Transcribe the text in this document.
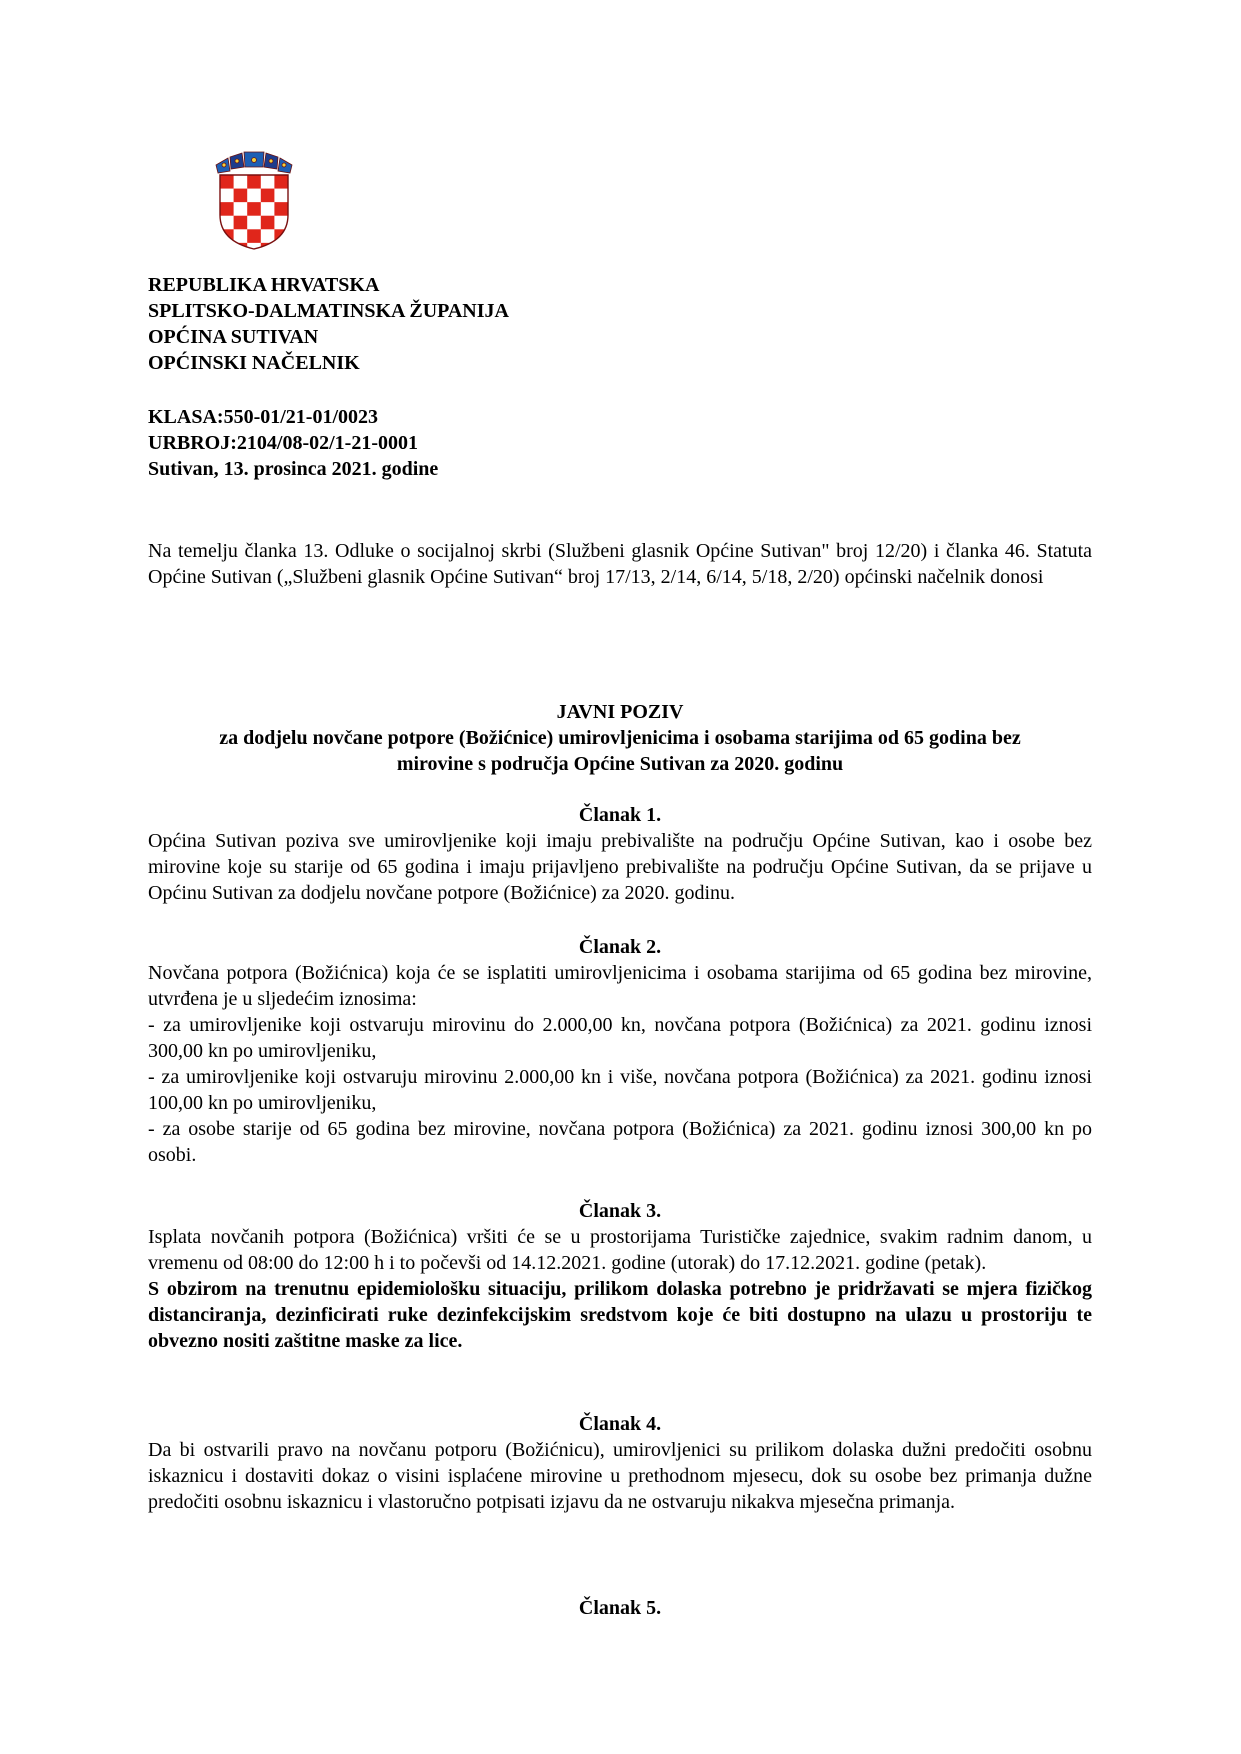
REPUBLIKA HRVATSKA
SPLITSKO-DALMATINSKA ŽUPANIJA
OPĆINA SUTIVAN
OPĆINSKI NAČELNIK
KLASA:550-01/21-01/0023
URBROJ:2104/08-02/1-21-0001
Sutivan, 13. prosinca 2021. godine
Na temelju članka 13. Odluke o socijalnoj skrbi (Službeni glasnik Općine Sutivan" broj 12/20) i članka 46. Statuta Općine Sutivan („Službeni glasnik Općine Sutivan“ broj 17/13, 2/14, 6/14, 5/18, 2/20) općinski načelnik donosi
JAVNI POZIV
za dodjelu novčane potpore (Božićnice) umirovljenicima i osobama starijima od 65 godina bez
mirovine s područja Općine Sutivan za 2020. godinu
Članak 1.
Općina Sutivan poziva sve umirovljenike koji imaju prebivalište na području Općine Sutivan, kao i osobe bez mirovine koje su starije od 65 godina i imaju prijavljeno prebivalište na području Općine Sutivan, da se prijave u Općinu Sutivan za dodjelu novčane potpore (Božićnice) za 2020. godinu.
Članak 2.
Novčana potpora (Božićnica) koja će se isplatiti umirovljenicima i osobama starijima od 65 godina bez mirovine, utvrđena je u sljedećim iznosima:
- za umirovljenike koji ostvaruju mirovinu do 2.000,00 kn, novčana potpora (Božićnica) za 2021. godinu iznosi 300,00 kn po umirovljeniku,
- za umirovljenike koji ostvaruju mirovinu 2.000,00 kn i više, novčana potpora (Božićnica) za 2021. godinu iznosi 100,00 kn po umirovljeniku,
- za osobe starije od 65 godina bez mirovine, novčana potpora (Božićnica) za 2021. godinu iznosi 300,00 kn po osobi.
Članak 3.
Isplata novčanih potpora (Božićnica) vršiti će se u prostorijama Turističke zajednice, svakim radnim danom, u vremenu od 08:00 do 12:00 h i to počevši od 14.12.2021. godine (utorak) do 17.12.2021. godine (petak).
S obzirom na trenutnu epidemiološku situaciju, prilikom dolaska potrebno je pridržavati se mjera fizičkog distanciranja, dezinficirati ruke dezinfekcijskim sredstvom koje će biti dostupno na ulazu u prostoriju te obvezno nositi zaštitne maske za lice.
Članak 4.
Da bi ostvarili pravo na novčanu potporu (Božićnicu), umirovljenici su prilikom dolaska dužni predočiti osobnu iskaznicu i dostaviti dokaz o visini isplaćene mirovine u prethodnom mjesecu, dok su osobe bez primanja dužne predočiti osobnu iskaznicu i vlastoručno potpisati izjavu da ne ostvaruju nikakva mjesečna primanja.
Članak 5.
